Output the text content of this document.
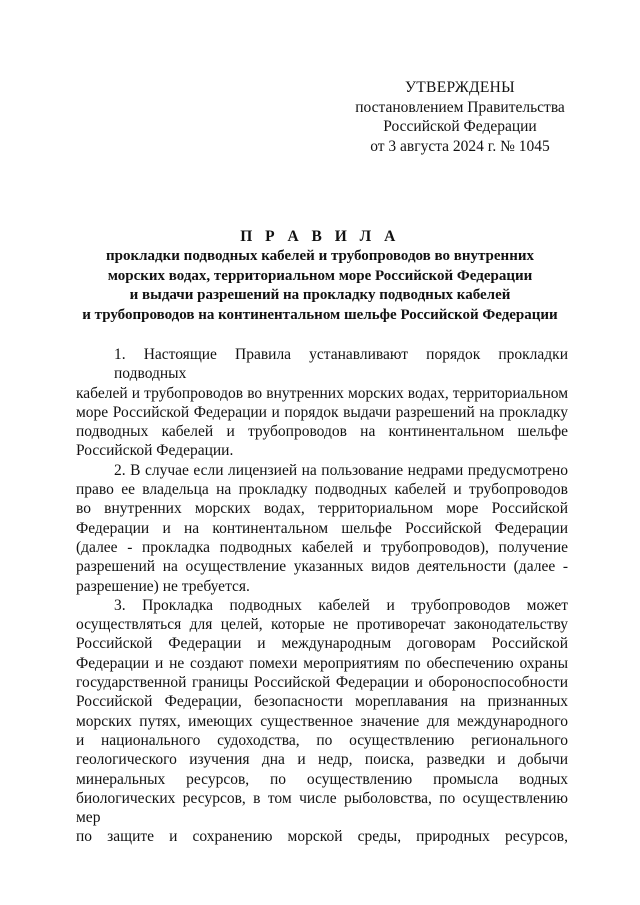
УТВЕРЖДЕНЫ
постановлением Правительства
Российской Федерации
от 3 августа 2024 г. № 1045
П Р А В И Л А
прокладки подводных кабелей и трубопроводов во внутренних
морских водах, территориальном море Российской Федерации
и выдачи разрешений на прокладку подводных кабелей
и трубопроводов на континентальном шельфе Российской Федерации

1. Настоящие Правила устанавливают порядок прокладки подводных
кабелей и трубопроводов во внутренних морских водах, территориальном
море Российской Федерации и порядок выдачи разрешений на прокладку
подводных кабелей и трубопроводов на континентальном шельфе
Российской Федерации.

2. В случае если лицензией на пользование недрами предусмотрено
право ее владельца на прокладку подводных кабелей и трубопроводов
во внутренних морских водах, территориальном море Российской
Федерации и на континентальном шельфе Российской Федерации
(далее - прокладка подводных кабелей и трубопроводов), получение
разрешений на осуществление указанных видов деятельности (далее -
разрешение) не требуется.

3. Прокладка подводных кабелей и трубопроводов может
осуществляться для целей, которые не противоречат законодательству
Российской Федерации и международным договорам Российской
Федерации и не создают помехи мероприятиям по обеспечению охраны
государственной границы Российской Федерации и обороноспособности
Российской Федерации, безопасности мореплавания на признанных
морских путях, имеющих существенное значение для международного
и национального судоходства, по осуществлению регионального
геологического изучения дна и недр, поиска, разведки и добычи
минеральных ресурсов, по осуществлению промысла водных
биологических ресурсов, в том числе рыболовства, по осуществлению мер
по защите и сохранению морской среды, природных ресурсов,
